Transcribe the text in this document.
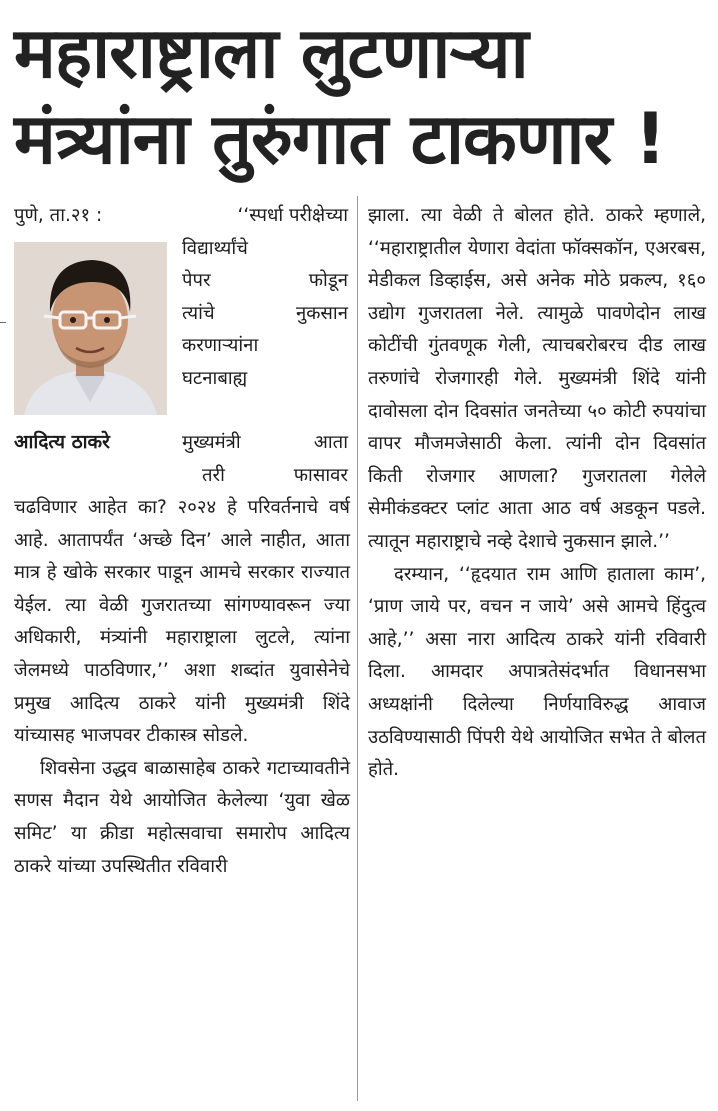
महाराष्ट्राला लुटणाऱ्या
मंत्र्यांना तुरुंगात टाकणार !
पुणे, ता.२१ :
आदित्य ठाकरे
‘‘स्पर्धा परीक्षेच्या
विद्यार्थ्यांचे
पेपर फोडून
त्यांचे नुकसान
करणाऱ्यांना
घटनाबाह्य
मुख्यमंत्री आता
तरी फासावर

चढविणार आहेत का? २०२४ हे परिवर्तनाचे वर्ष आहे. आतापर्यंत ‘अच्छे दिन’ आले नाहीत, आता मात्र हे खोके सरकार पाडून आमचे सरकार राज्यात येईल. त्या वेळी गुजरातच्या सांगण्यावरून ज्या अधिकारी, मंत्र्यांनी महाराष्ट्राला लुटले, त्यांना जेलमध्ये पाठविणार,’’ अशा शब्दांत युवासेनेचे प्रमुख आदित्य ठाकरे यांनी मुख्यमंत्री शिंदे यांच्यासह भाजपवर टीकास्त्र सोडले.

शिवसेना उद्धव बाळासाहेब ठाकरे गटाच्यावतीने सणस मैदान येथे आयोजित केलेल्या ‘युवा खेळ समिट’ या क्रीडा महोत्सवाचा समारोप आदित्य ठाकरे यांच्या उपस्थितीत रविवारी

झाला. त्या वेळी ते बोलत होते. ठाकरे म्हणाले, ‘‘महाराष्ट्रातील येणारा वेदांता फॉक्सकॉन, एअरबस, मेडीकल डिव्हाईस, असे अनेक मोठे प्रकल्प, १६० उद्योग गुजरातला नेले. त्यामुळे पावणेदोन लाख कोटींची गुंतवणूक गेली, त्याचबरोबरच दीड लाख तरुणांचे रोजगारही गेले. मुख्यमंत्री शिंदे यांनी दावोसला दोन दिवसांत जनतेच्या ५० कोटी रुपयांचा वापर मौजमजेसाठी केला. त्यांनी दोन दिवसांत किती रोजगार आणला? गुजरातला गेलेले सेमीकंडक्टर प्लांट आता आठ वर्ष अडकून पडले. त्यातून महाराष्ट्राचे नव्हे देशाचे नुकसान झाले.’’

दरम्यान, ‘‘हृदयात राम आणि हाताला काम’, ‘प्राण जाये पर, वचन न जाये’ असे आमचे हिंदुत्व आहे,’’ असा नारा आदित्य ठाकरे यांनी रविवारी दिला. आमदार अपात्रतेसंदर्भात विधानसभा अध्यक्षांनी दिलेल्या निर्णयाविरुद्ध आवाज उठविण्यासाठी पिंपरी येथे आयोजित सभेत ते बोलत होते.
